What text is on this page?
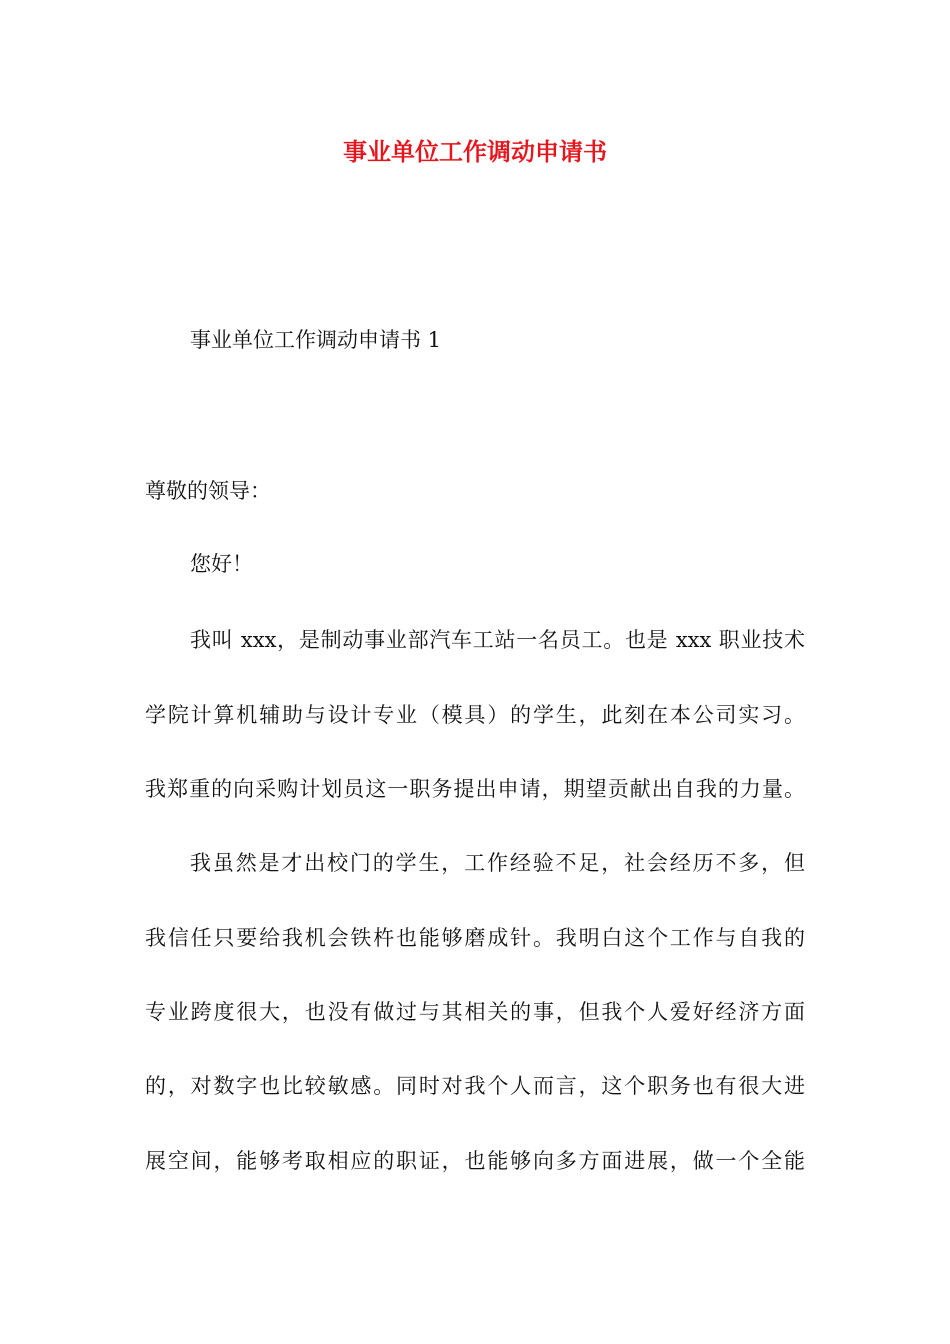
事业单位工作调动申请书

事业单位工作调动申请书 1

尊敬的领导：

您好！

我叫 xxx，是制动事业部汽车工站一名员工。也是 xxx 职业技术

学院计算机辅助与设计专业（模具）的学生，此刻在本公司实习。

我郑重的向采购计划员这一职务提出申请，期望贡献出自我的力量。

我虽然是才出校门的学生，工作经验不足，社会经历不多，但

我信任只要给我机会铁杵也能够磨成针。我明白这个工作与自我的

专业跨度很大，也没有做过与其相关的事，但我个人爱好经济方面

的，对数字也比较敏感。同时对我个人而言，这个职务也有很大进

展空间，能够考取相应的职证，也能够向多方面进展，做一个全能
